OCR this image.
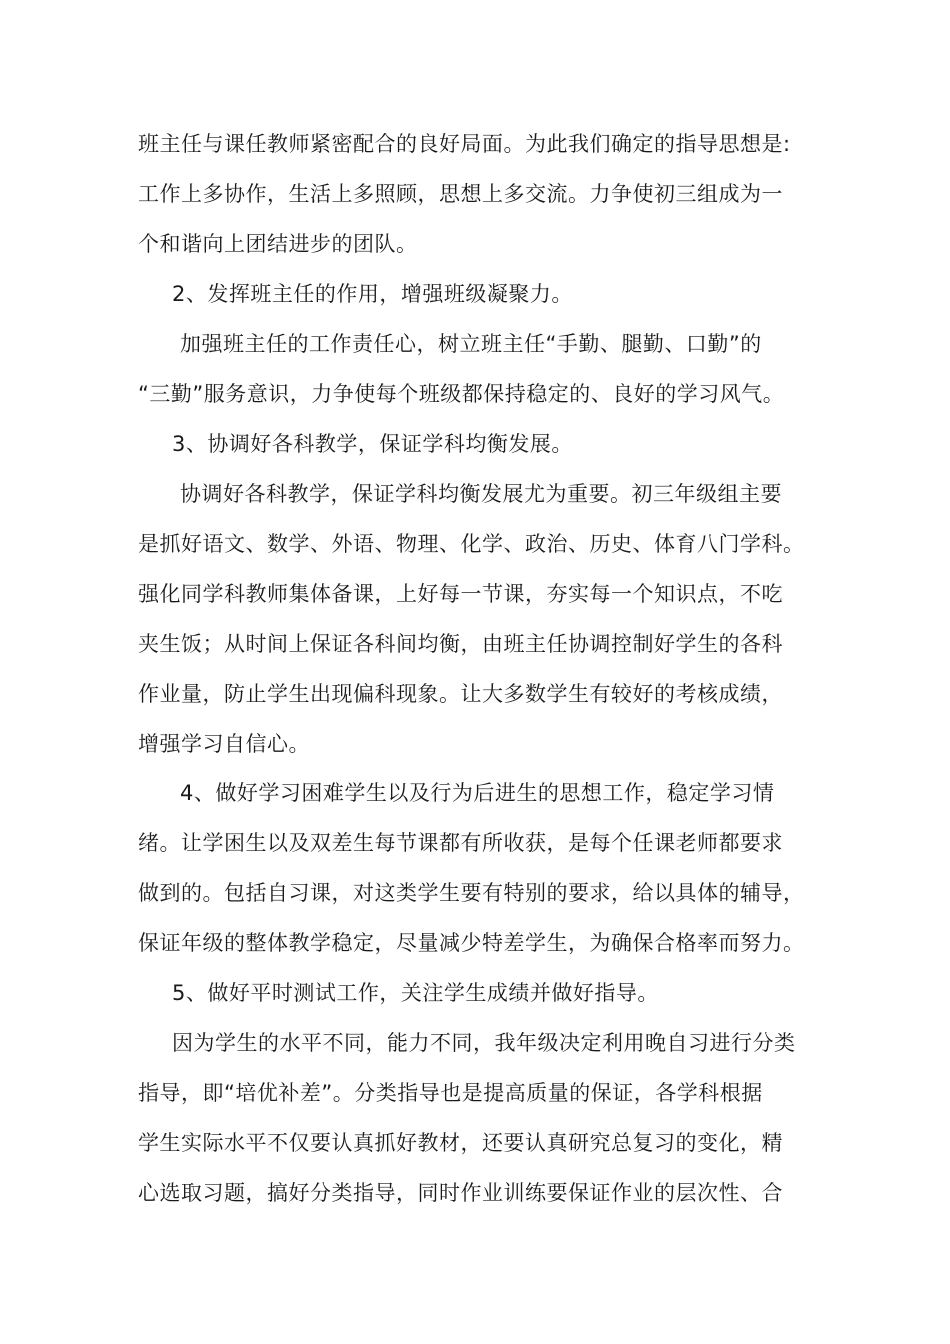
班主任与课任教师紧密配合的良好局面。为此我们确定的指导思想是:
工作上多协作，生活上多照顾，思想上多交流。力争使初三组成为一
个和谐向上团结进步的团队。
2、发挥班主任的作用，增强班级凝聚力。
加强班主任的工作责任心，树立班主任“手勤、腿勤、口勤”的
“三勤”服务意识，力争使每个班级都保持稳定的、良好的学习风气。
3、协调好各科教学，保证学科均衡发展。
协调好各科教学，保证学科均衡发展尤为重要。初三年级组主要
是抓好语文、数学、外语、物理、化学、政治、历史、体育八门学科。
强化同学科教师集体备课，上好每一节课，夯实每一个知识点，不吃
夹生饭；从时间上保证各科间均衡，由班主任协调控制好学生的各科
作业量，防止学生出现偏科现象。让大多数学生有较好的考核成绩，
增强学习自信心。
4、做好学习困难学生以及行为后进生的思想工作，稳定学习情
绪。让学困生以及双差生每节课都有所收获，是每个任课老师都要求
做到的。包括自习课，对这类学生要有特别的要求，给以具体的辅导，
保证年级的整体教学稳定，尽量减少特差学生，为确保合格率而努力。
5、做好平时测试工作，关注学生成绩并做好指导。
因为学生的水平不同，能力不同，我年级决定利用晚自习进行分类
指导，即“培优补差”。分类指导也是提高质量的保证，各学科根据
学生实际水平不仅要认真抓好教材，还要认真研究总复习的变化，精
心选取习题，搞好分类指导，同时作业训练要保证作业的层次性、合
